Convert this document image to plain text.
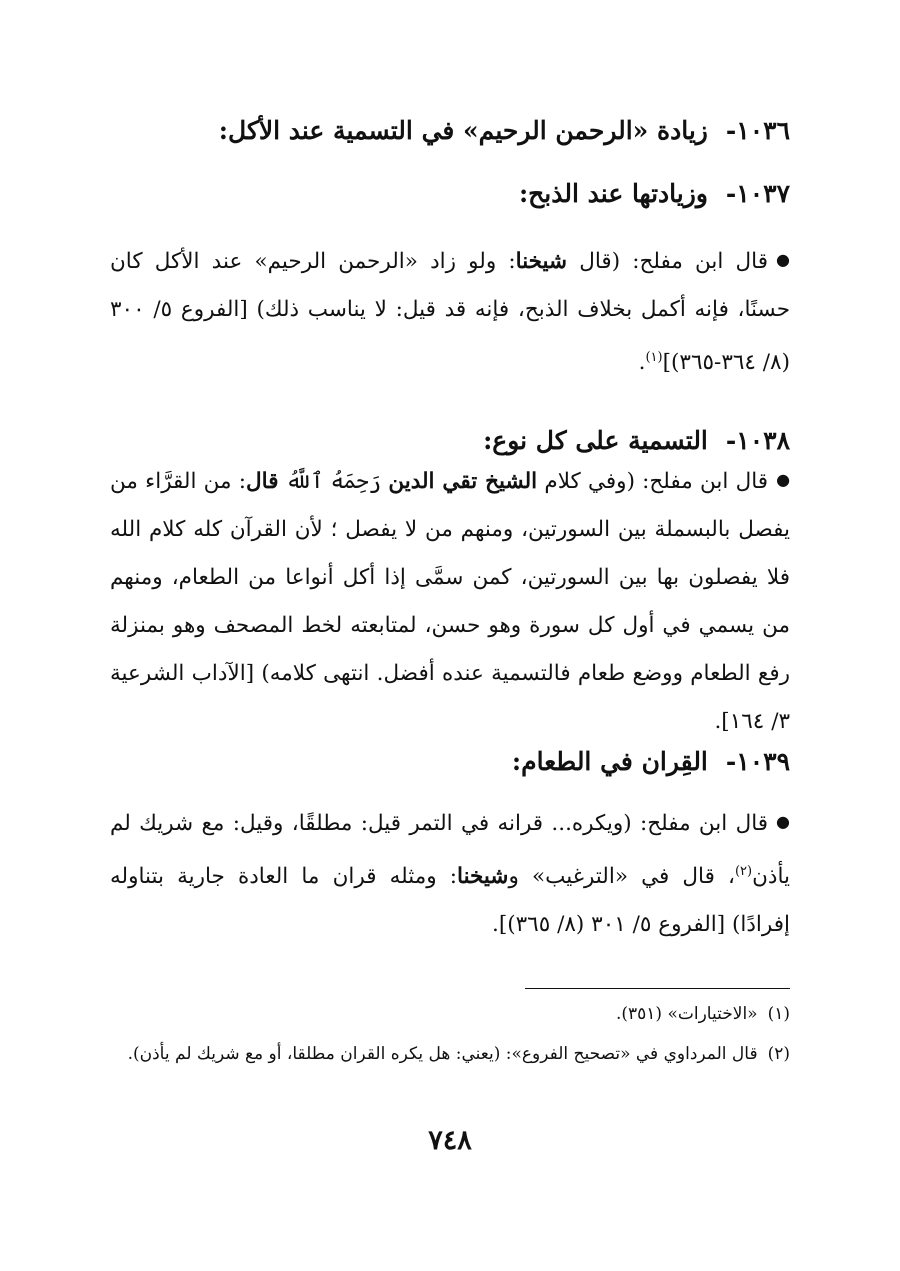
١٠٣٦-
زيادة «الرحمن الرحيم» في التسمية عند الأكل:
١٠٣٧-
وزيادتها عند الذبح:
●قال ابن مفلح: (قال شيخنا: ولو زاد «الرحمن الرحيم» عند الأكل كان حسنًا، فإنه أكمل بخلاف الذبح، فإنه قد قيل: لا يناسب ذلك) [الفروع ٥/ ٣٠٠ (٨/ ٣٦٤-٣٦٥)]$^{(١)}$.
١٠٣٨-
التسمية على كل نوع:
●قال ابن مفلح: (وفي كلام الشيخ تقي الدين رَحِمَهُ ٱللَّهُ قال: من القرَّاء من يفصل بالبسملة بين السورتين، ومنهم من لا يفصل ؛ لأن القرآن كله كلام الله فلا يفصلون بها بين السورتين، كمن سمَّى إذا أكل أنواعا من الطعام، ومنهم من يسمي في أول كل سورة وهو حسن، لمتابعته لخط المصحف وهو بمنزلة رفع الطعام ووضع طعام فالتسمية عنده أفضل. انتهى كلامه) [الآداب الشرعية ٣/ ١٦٤].
١٠٣٩-
القِران في الطعام:
●قال ابن مفلح: (ويكره... قرانه في التمر قيل: مطلقًا، وقيل: مع شريك لم يأذن$^{(٢)}$، قال في «الترغيب» وشيخنا: ومثله قران ما العادة جارية بتناوله إفرادًا) [الفروع ٥/ ٣٠١ (٨/ ٣٦٥)].
(١)«الاختيارات» (٣٥١).
(٢)قال المرداوي في «تصحيح الفروع»: (يعني: هل يكره القران مطلقا، أو مع شريك لم يأذن).
٧٤٨
